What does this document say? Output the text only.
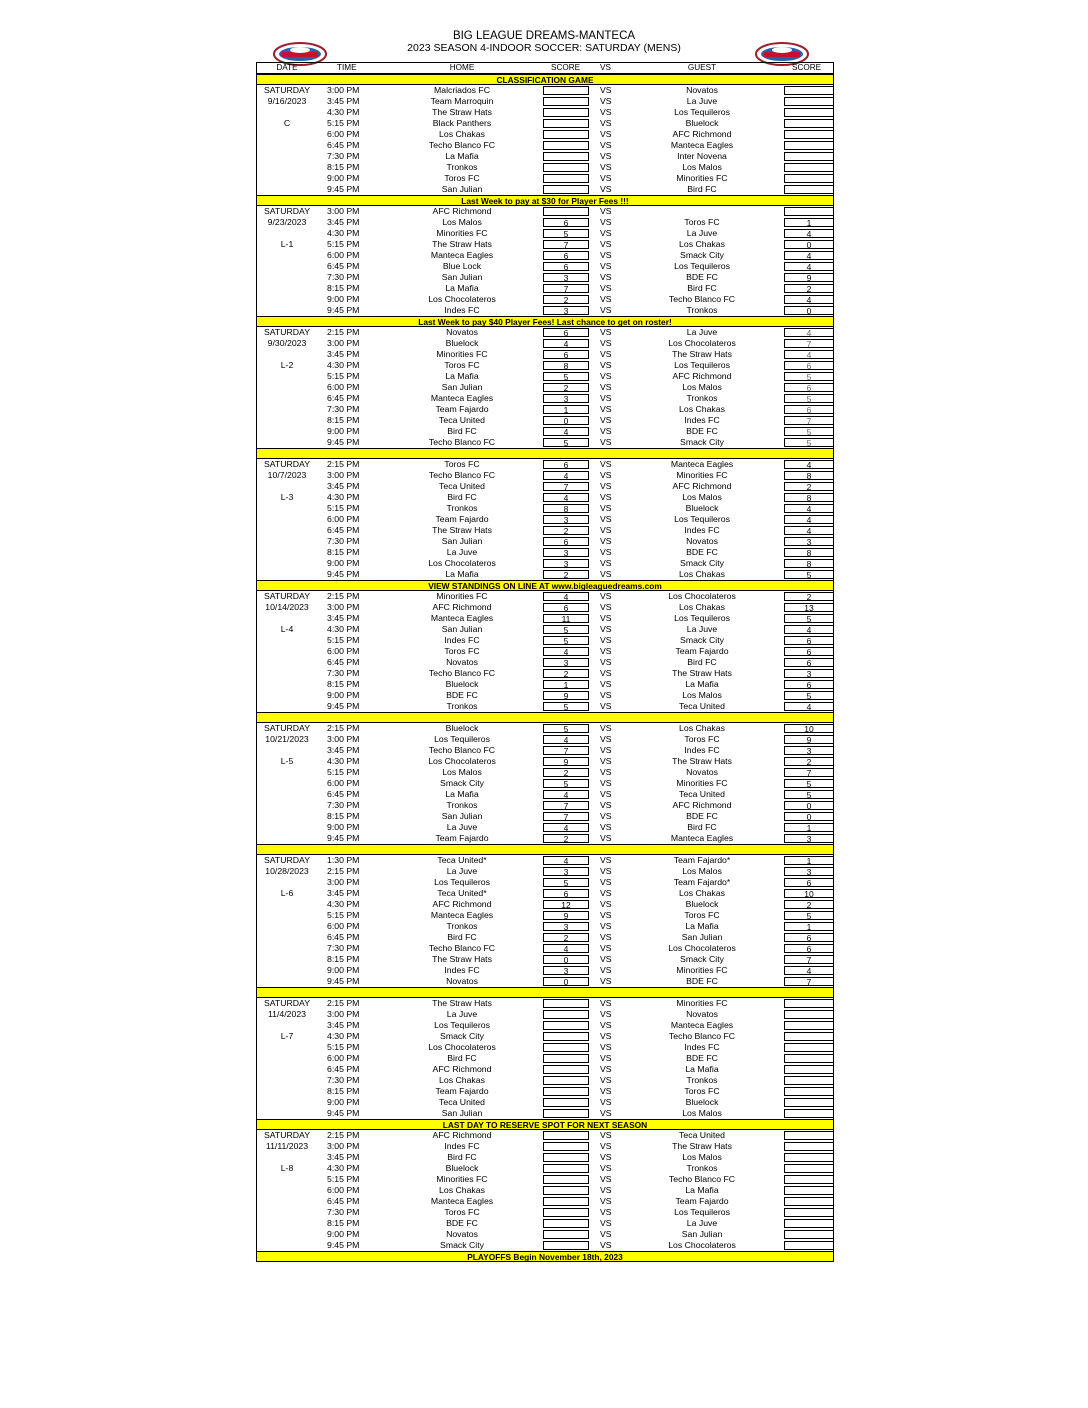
BIG LEAGUE DREAMS-MANTECA
2023 SEASON 4-INDOOR SOCCER: SATURDAY (MENS)
DATE	TIME	HOME	SCORE VS	GUEST	SCORE
CLASSIFICATION GAME
SATURDAY	3:00 PM	Malcriados FC	VS	Novatos
9/16/2023	3:45 PM	Team Marroquin	VS	La Juve
4:30 PM	The Straw Hats	VS	Los Tequileros
C	5:15 PM	Black Panthers	VS	Bluelock
6:00 PM	Los Chakas	VS	AFC Richmond
6:45 PM	Techo Blanco FC	VS	Manteca Eagles
7:30 PM	La Mafia	VS	Inter Novena
8:15 PM	Tronkos	VS	Los Malos
9:00 PM	Toros FC	VS	Minorities FC
9:45 PM	San Julian	VS	Bird FC
Last Week to pay at $30 for Player Fees !!!
SATURDAY	3:00 PM	AFC Richmond	VS
9/23/2023	3:45 PM	Los Malos	6	VS	Toros FC	1
4:30 PM	Minorities FC	5	VS	La Juve	4
L-1	5:15 PM	The Straw Hats	7	VS	Los Chakas	0
6:00 PM	Manteca Eagles	6	VS	Smack City	4
6:45 PM	Blue Lock	6	VS	Los Tequileros	4
7:30 PM	San Julian	3	VS	BDE FC	9
8:15 PM	La Mafia	7	VS	Bird FC	2
9:00 PM	Los Chocolateros	2	VS	Techo Blanco FC	4
9:45 PM	Indes FC	3	VS	Tronkos	0
Last Week to pay $40 Player Fees! Last chance to get on roster!
SATURDAY	2:15 PM	Novatos	6	VS	La Juve	4
9/30/2023	3:00 PM	Bluelock	4	VS	Los Chocolateros	7
3:45 PM	Minorities FC	6	VS	The Straw Hats	4
L-2	4:30 PM	Toros FC	8	VS	Los Tequileros	6
5:15 PM	La Mafia	5	VS	AFC Richmond	5
6:00 PM	San Julian	2	VS	Los Malos	6
6:45 PM	Manteca Eagles	3	VS	Tronkos	5
7:30 PM	Team Fajardo	1	VS	Los Chakas	6
8:15 PM	Teca United	0	VS	Indes FC	7
9:00 PM	Bird FC	4	VS	BDE FC	5
9:45 PM	Techo Blanco FC	5	VS	Smack City	5
SATURDAY	2:15 PM	Toros FC	6	VS	Manteca Eagles	4
10/7/2023	3:00 PM	Techo Blanco FC	4	VS	Minorities FC	8
3:45 PM	Teca United	7	VS	AFC Richmond	2
L-3	4:30 PM	Bird FC	4	VS	Los Malos	8
5:15 PM	Tronkos	8	VS	Bluelock	4
6:00 PM	Team Fajardo	3	VS	Los Tequileros	4
6:45 PM	The Straw Hats	2	VS	Indes FC	4
7:30 PM	San Julian	6	VS	Novatos	3
8:15 PM	La Juve	3	VS	BDE FC	8
9:00 PM	Los Chocolateros	3	VS	Smack City	8
9:45 PM	La Mafia	2	VS	Los Chakas	5
VIEW STANDINGS ON LINE AT www.bigleaguedreams.com
SATURDAY	2:15 PM	Minorities FC	4	VS	Los Chocolateros	2
10/14/2023	3:00 PM	AFC Richmond	6	VS	Los Chakas	13
3:45 PM	Manteca Eagles	11	VS	Los Tequileros	5
L-4	4:30 PM	San Julian	5	VS	La Juve	4
5:15 PM	Indes FC	5	VS	Smack City	6
6:00 PM	Toros FC	4	VS	Team Fajardo	6
6:45 PM	Novatos	3	VS	Bird FC	6
7:30 PM	Techo Blanco FC	2	VS	The Straw Hats	3
8:15 PM	Bluelock	1	VS	La Mafia	6
9:00 PM	BDE FC	9	VS	Los Malos	5
9:45 PM	Tronkos	5	VS	Teca United	4
SATURDAY	2:15 PM	Bluelock	5	VS	Los Chakas	10
10/21/2023	3:00 PM	Los Tequileros	4	VS	Toros FC	9
3:45 PM	Techo Blanco FC	7	VS	Indes FC	3
L-5	4:30 PM	Los Chocolateros	9	VS	The Straw Hats	2
5:15 PM	Los Malos	2	VS	Novatos	7
6:00 PM	Smack City	5	VS	Minorities FC	5
6:45 PM	La Mafia	4	VS	Teca United	5
7:30 PM	Tronkos	7	VS	AFC Richmond	0
8:15 PM	San Julian	7	VS	BDE FC	0
9:00 PM	La Juve	4	VS	Bird FC	1
9:45 PM	Team Fajardo	2	VS	Manteca Eagles	3
SATURDAY	1:30 PM	Teca United*	4	VS	Team Fajardo*	1
10/28/2023	2:15 PM	La Juve	3	VS	Los Malos	3
3:00 PM	Los Tequileros	5	VS	Team Fajardo*	6
L-6	3:45 PM	Teca United*	6	VS	Los Chakas	10
4:30 PM	AFC Richmond	12	VS	Bluelock	2
5:15 PM	Manteca Eagles	9	VS	Toros FC	5
6:00 PM	Tronkos	3	VS	La Mafia	1
6:45 PM	Bird FC	2	VS	San Julian	6
7:30 PM	Techo Blanco FC	4	VS	Los Chocolateros	6
8:15 PM	The Straw Hats	0	VS	Smack City	7
9:00 PM	Indes FC	3	VS	Minorities FC	4
9:45 PM	Novatos	0	VS	BDE FC	7
SATURDAY	2:15 PM	The Straw Hats	VS	Minorities FC
11/4/2023	3:00 PM	La Juve	VS	Novatos
3:45 PM	Los Tequileros	VS	Manteca Eagles
L-7	4:30 PM	Smack City	VS	Techo Blanco FC
5:15 PM	Los Chocolateros	VS	Indes FC
6:00 PM	Bird FC	VS	BDE FC
6:45 PM	AFC Richmond	VS	La Mafia
7:30 PM	Los Chakas	VS	Tronkos
8:15 PM	Team Fajardo	VS	Toros FC
9:00 PM	Teca United	VS	Bluelock
9:45 PM	San Julian	VS	Los Malos
LAST DAY TO RESERVE SPOT FOR NEXT SEASON
SATURDAY	2:15 PM	AFC Richmond	VS	Teca United
11/11/2023	3:00 PM	Indes FC	VS	The Straw Hats
3:45 PM	Bird FC	VS	Los Malos
L-8	4:30 PM	Bluelock	VS	Tronkos
5:15 PM	Minorities FC	VS	Techo Blanco FC
6:00 PM	Los Chakas	VS	La Mafia
6:45 PM	Manteca Eagles	VS	Team Fajardo
7:30 PM	Toros FC	VS	Los Tequileros
8:15 PM	BDE FC	VS	La Juve
9:00 PM	Novatos	VS	San Julian
9:45 PM	Smack City	VS	Los Chocolateros
PLAYOFFS Begin November 18th, 2023
